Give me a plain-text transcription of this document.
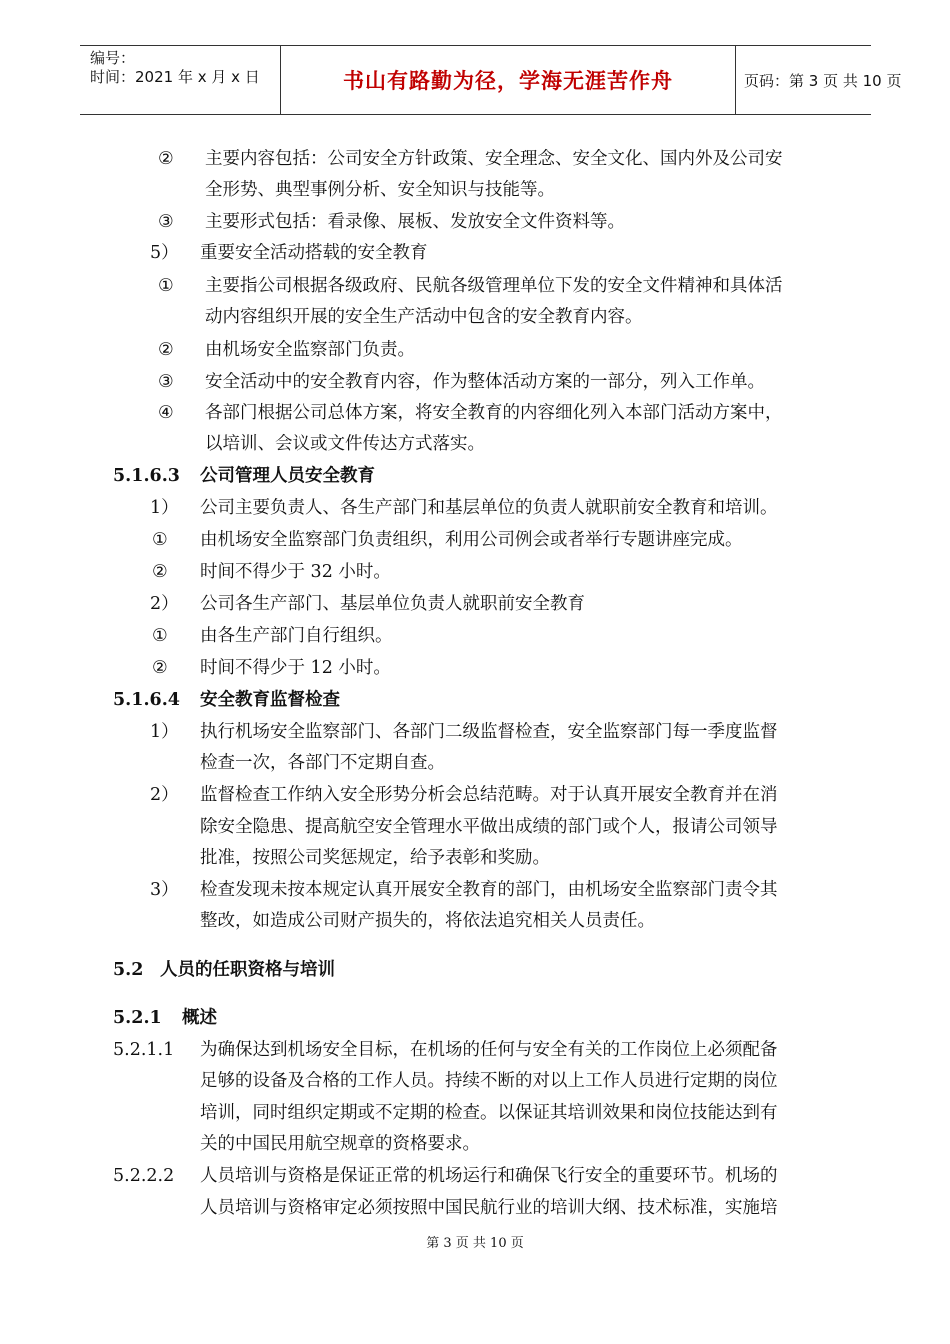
编号：
时间：2021 年 x 月 x 日	书山有路勤为径，学海无涯苦作舟	页码：第 3 页 共 10 页
② 主要内容包括：公司安全方针政策、安全理念、安全文化、国内外及公司安
全形势、典型事例分析、安全知识与技能等。
③ 主要形式包括：看录像、展板、发放安全文件资料等。
5） 重要安全活动搭载的安全教育
① 主要指公司根据各级政府、民航各级管理单位下发的安全文件精神和具体活
动内容组织开展的安全生产活动中包含的安全教育内容。
② 由机场安全监察部门负责。
③ 安全活动中的安全教育内容，作为整体活动方案的一部分，列入工作单。
④ 各部门根据公司总体方案，将安全教育的内容细化列入本部门活动方案中，
以培训、会议或文件传达方式落实。
5.1.6.3 公司管理人员安全教育
1） 公司主要负责人、各生产部门和基层单位的负责人就职前安全教育和培训。
① 由机场安全监察部门负责组织，利用公司例会或者举行专题讲座完成。
② 时间不得少于 32 小时。
2） 公司各生产部门、基层单位负责人就职前安全教育
① 由各生产部门自行组织。
② 时间不得少于 12 小时。
5.1.6.4 安全教育监督检查
1） 执行机场安全监察部门、各部门二级监督检查，安全监察部门每一季度监督
检查一次，各部门不定期自查。
2） 监督检查工作纳入安全形势分析会总结范畴。对于认真开展安全教育并在消
除安全隐患、提高航空安全管理水平做出成绩的部门或个人，报请公司领导
批准，按照公司奖惩规定，给予表彰和奖励。
3） 检查发现未按本规定认真开展安全教育的部门，由机场安全监察部门责令其
整改，如造成公司财产损失的，将依法追究相关人员责任。
5.2 人员的任职资格与培训
5.2.1 概述
5.2.1.1 为确保达到机场安全目标，在机场的任何与安全有关的工作岗位上必须配备
足够的设备及合格的工作人员。持续不断的对以上工作人员进行定期的岗位
培训，同时组织定期或不定期的检查。以保证其培训效果和岗位技能达到有
关的中国民用航空规章的资格要求。
5.2.2.2 人员培训与资格是保证正常的机场运行和确保飞行安全的重要环节。机场的
人员培训与资格审定必须按照中国民航行业的培训大纲、技术标准，实施培
第 3 页 共 10 页
